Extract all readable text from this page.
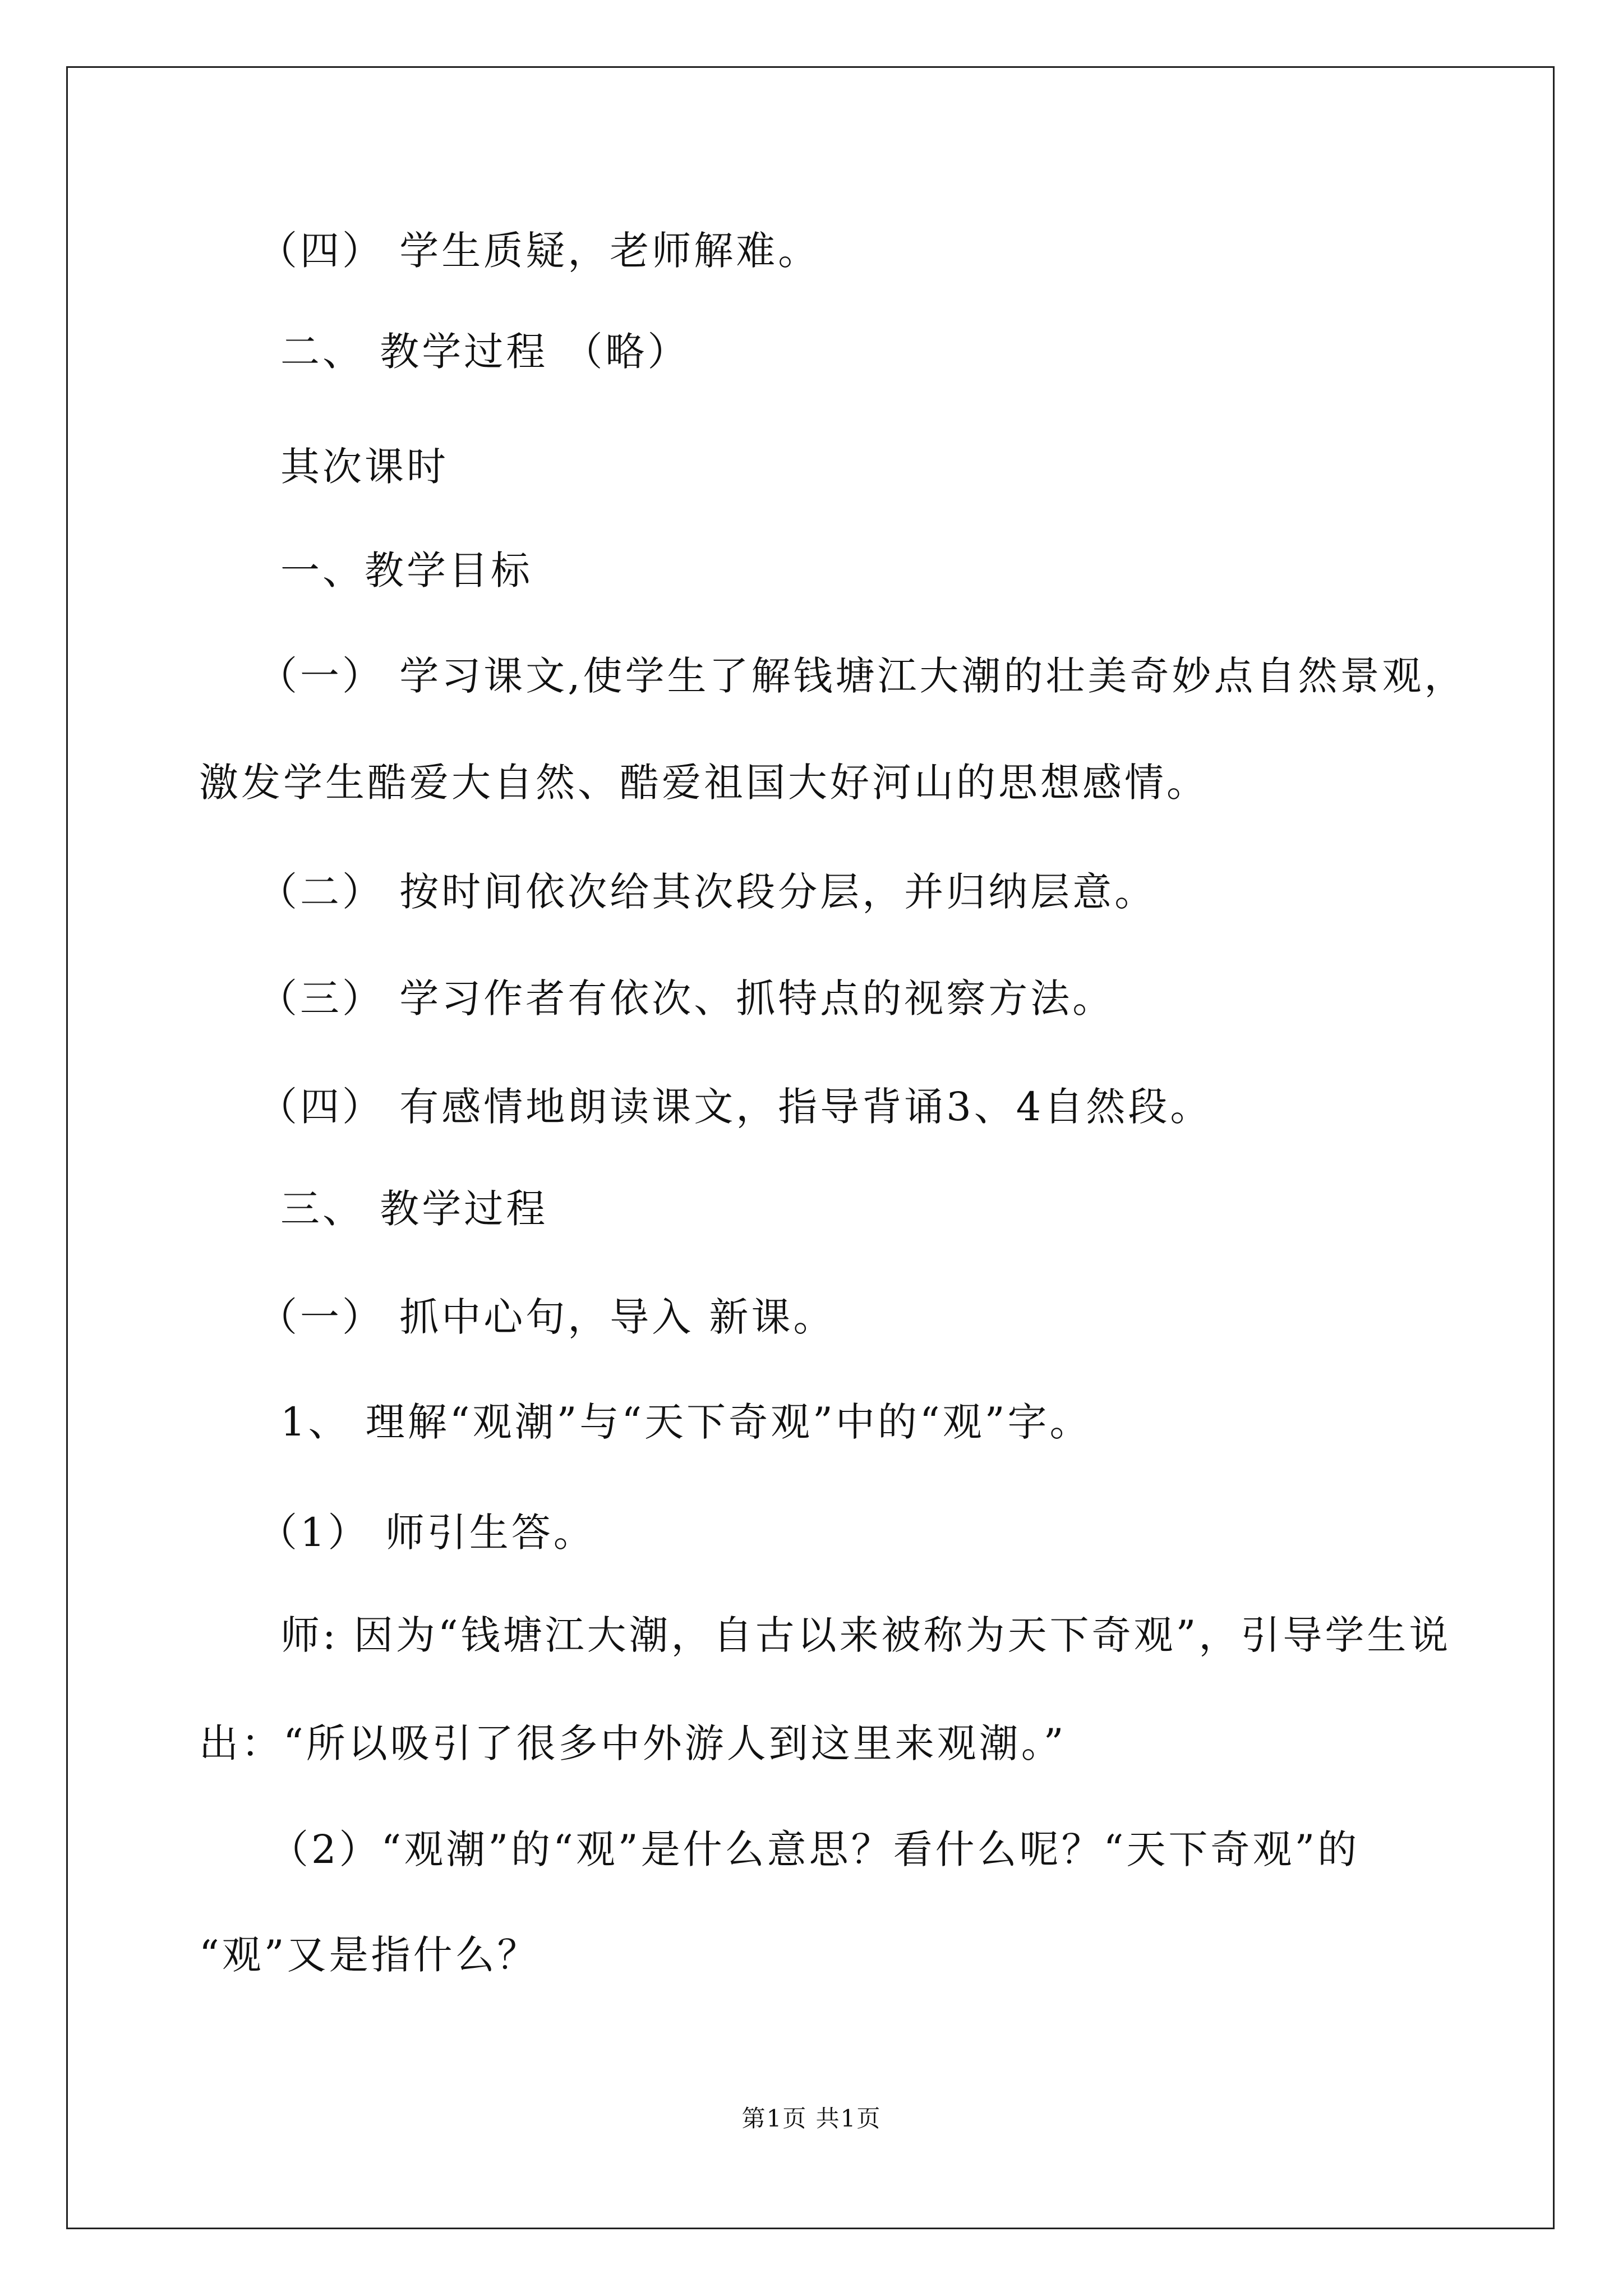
（四） 学生质疑，老师解难。
二、 教学过程 （略）
其次课时
一、教学目标
（一） 学习课文,使学生了解钱塘江大潮的壮美奇妙点自然景观，
激发学生酷爱大自然、酷爱祖国大好河山的思想感情。
（二） 按时间依次给其次段分层，并归纳层意。
（三） 学习作者有依次、抓特点的视察方法。
（四） 有感情地朗读课文，指导背诵3、4自然段。
三、 教学过程
（一） 抓中心句，导入 新课。
1、 理解“观潮”与“天下奇观”中的“观”字。
（1） 师引生答。
师: 因为“钱塘江大潮，自古以来被称为天下奇观”，引导学生说
出：“所以吸引了很多中外游人到这里来观潮。”
（2）“观潮”的“观”是什么意思？看什么呢？“天下奇观”的
“观”又是指什么？
第1页 共1页
